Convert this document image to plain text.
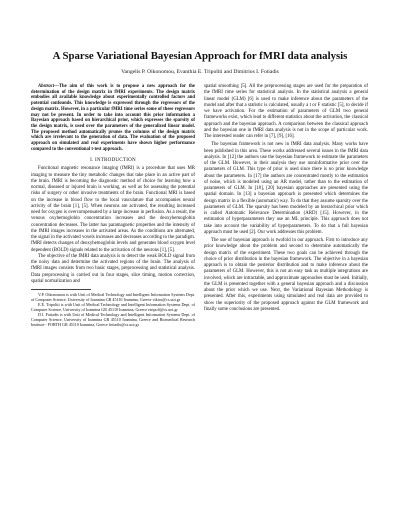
A Sparse Variational Bayesian Approach for fMRI data analysis
Vangelis P. Oikonomou, Evanthia E. Tripoliti and Dimitrios I. Fotiadis

Abstract—The aim of this work is to propose a new approach for the determination of the design matrix in fMRI experiments. The design matrix embodies all available knowledge about experimentally controlled factors and potential confounds. This knowledge is expressed through the regressors of the design matrix. However, in a particular fMRI time series some of these regressors may not be present. In order to take into account this prior information a Bayesian approach based on hierarchical prior, which expresses the sparsity of the design matrix, is used over the parameters of the generalized linear model. The proposed method automatically prunes the columns of the design matrix which are irrelevant to the generation of data. The evaluation of the proposed approach on simulated and real experiments have shown higher performance compared to the conventional t-test approach.

I. INTRODUCTION

Functional magnetic resonance imaging (fMRI) is a procedure that uses MR imaging to measure the tiny metabolic changes that take place in an active part of the brain. fMRI is becoming the diagnostic method of choice for learning how a normal, diseased or injured brain is working, as well as for assessing the potential risks of surgery or other invasive treatments of the brain. Functional MRI is based on the increase in blood flow to the local vasculature that accompanies neural activity of the brain [1], [5]. When neurons are activated, the resulting increased need for oxygen is overcompensated by a large increase in perfusion. As a result, the venous oxyhemoglobin concentration increases and the deoxyhemoglobin concentration decreases. The latter has paramagnetic properties and the intensity of the fMRI images increases in the activated areas. As the conditions are alternated, the signal in the activated voxels increases and decreases according to the paradigm. fMRI detects changes of deoxyhemoglobin levels and generates blood oxygen level dependent (BOLD) signals related to the activation of the neurons [1], [5].

The objective of the fMRI data analysis is to detect the weak BOLD signal from the noisy data and determine the activated regions of the brain. The analysis of fMRI images consists from two basic stages, preprocessing and statistical analysis. Data preprocessing is carried out in four stages, slice timing, motion correction, spatial normalization and

V.P. Oikonomou is with Unit of Medical Technology and Intelligent Information Systems Dept. of Computer Science, University of Ioannina GR 45110 Ioannina, Greece viktor@cs.uoi.gr

E.E. Tripoliti is with Unit of Medical Technology and Intelligent Information Systems Dept. of Computer Science, University of Ioannina GR 45110 Ioannina, Greece etripoli@cs.uoi.gr

D.I. Fotiadis is with Unit of Medical Technology and Intelligent Information Systems Dept. of Computer Science, University of Ioannina GR 45110 Ioannina, Greece and Biomedical Research Institute - FORTH GR 45110 Ioannina, Greece fotiadis@cs.uoi.gr

spatial smoothing [5]. All the preprocessing stages are used for the preparation of the fMRI time series for statistical analysis. In the statistical analysis a general linear model (GLM) [6] is used to make inference about the parameters of the model and after that a statistic is calculated, usually a t or F statistic [5], to decide if we have activation. For the estimation of parameters of GLM two general frameworks exist, which lead to different statistics about the activation, the classical approach and the bayesian approach. A comparison between the classical approach and the bayesian one in fMRI data analysis is not in the scope of particular work. The interested reader can refer in [7], [9], [16].

The bayesian framework is not new in fMRI data analysis. Many works have been published in this area. These works addressed several issues in the fMRI data analysis. In [12] the authors use the bayesian framework to estimate the parameters of the GLM. However, in their analysis they use noninformative prior over the parameters of GLM. This type of prior is used since there is no prior knowledge about the parameters. In [17] the authors are concentrated mostly to the estimation of noise, which is modeled using an AR model, rather than to the estimation of parameters of GLM. In [18], [20] bayesian approaches are presented using the spatial domain. In [13] a bayesian approach is presented which determines the design matrix in a flexible (automatic) way. To do that they assume sparsity over the parameters of GLM. The sparsity has been modeled by an hierarchical prior which is called Automatic Relevance Determination (ARD) [15]. However, in the estimation of hyperparameters they use an ML principle. This approach does not take into account the variability of hyperparameters. To do that a full bayesian approach must be used [2]. Our work addresses this problem.

The use of bayesian approach is twofold in our approach. First to introduce any prior knowledge about the problem and second to determine automatically the design matrix of the experiment. These two goals can be achieved through the choice of prior distribution in the bayesian framework. The objective in a bayesian approach is to obtain the posterior distribution and to make inference about the parameters of GLM. However, this is not an easy task as multiple integrations are involved, which are intractable, and approximate approaches must be used. Initially, the GLM is presented together with a general bayesian approach and a discussion about the prior which we use. Next, the Variational Bayesian Methodology is presented. After this, experiments using simulated and real data are provided to show the superiority of the proposed approach against the GLM framework and finally some conclusions are presented.
